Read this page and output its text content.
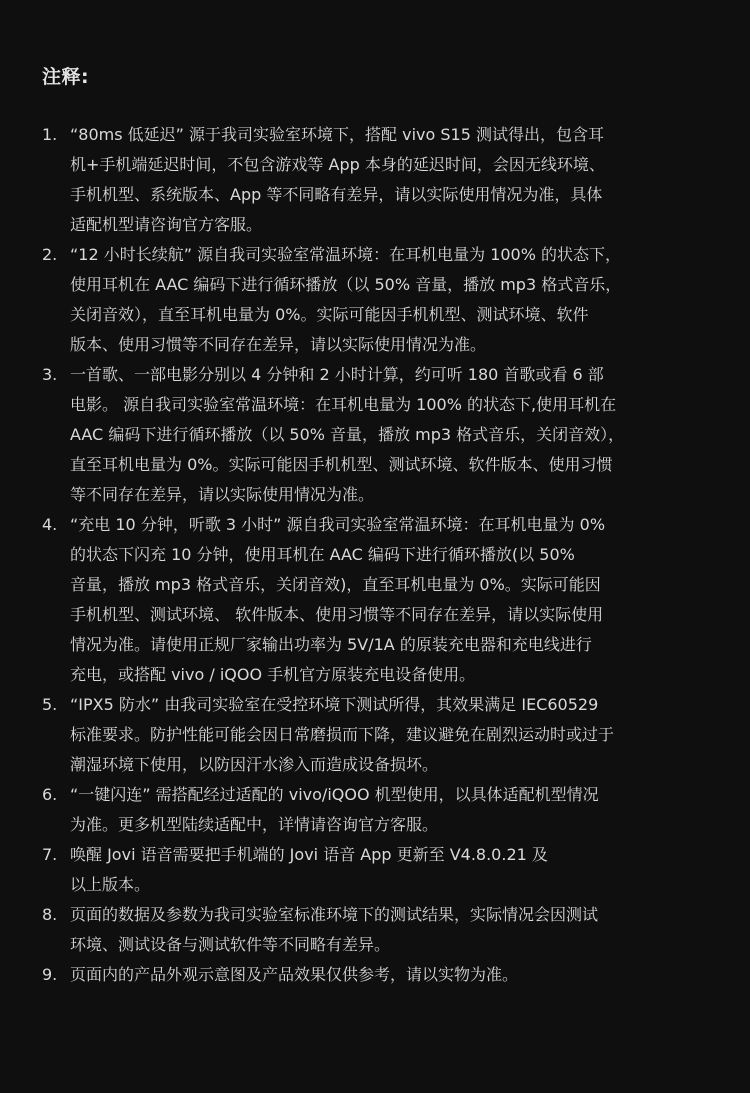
注释:
1. “80ms 低延迟” 源于我司实验室环境下，搭配 vivo S15 测试得出，包含耳
机+手机端延迟时间，不包含游戏等 App 本身的延迟时间，会因无线环境、
手机机型、系统版本、App 等不同略有差异，请以实际使用情况为准，具体
适配机型请咨询官方客服。
2. “12 小时长续航” 源自我司实验室常温环境：在耳机电量为 100% 的状态下，
使用耳机在 AAC 编码下进行循环播放（以 50% 音量，播放 mp3 格式音乐，
关闭音效），直至耳机电量为 0%。实际可能因手机机型、测试环境、软件
版本、使用习惯等不同存在差异，请以实际使用情况为准。
3. 一首歌、一部电影分别以 4 分钟和 2 小时计算，约可听 180 首歌或看 6 部
电影。 源自我司实验室常温环境：在耳机电量为 100% 的状态下,使用耳机在
AAC 编码下进行循环播放（以 50% 音量，播放 mp3 格式音乐，关闭音效），
直至耳机电量为 0%。实际可能因手机机型、测试环境、软件版本、使用习惯
等不同存在差异，请以实际使用情况为准。
4. “充电 10 分钟，听歌 3 小时” 源自我司实验室常温环境：在耳机电量为 0%
的状态下闪充 10 分钟，使用耳机在 AAC 编码下进行循环播放(以 50%
音量，播放 mp3 格式音乐，关闭音效)，直至耳机电量为 0%。实际可能因
手机机型、测试环境、 软件版本、使用习惯等不同存在差异，请以实际使用
情况为准。请使用正规厂家输出功率为 5V/1A 的原装充电器和充电线进行
充电，或搭配 vivo / iQOO 手机官方原装充电设备使用。
5. “IPX5 防水” 由我司实验室在受控环境下测试所得，其效果满足 IEC60529
标准要求。防护性能可能会因日常磨损而下降，建议避免在剧烈运动时或过于
潮湿环境下使用，以防因汗水渗入而造成设备损坏。
6. “一键闪连” 需搭配经过适配的 vivo/iQOO 机型使用，以具体适配机型情况
为准。更多机型陆续适配中，详情请咨询官方客服。
7. 唤醒 Jovi 语音需要把手机端的 Jovi 语音 App 更新至 V4.8.0.21 及
以上版本。
8. 页面的数据及参数为我司实验室标准环境下的测试结果，实际情况会因测试
环境、测试设备与测试软件等不同略有差异。
9. 页面内的产品外观示意图及产品效果仅供参考，请以实物为准。
